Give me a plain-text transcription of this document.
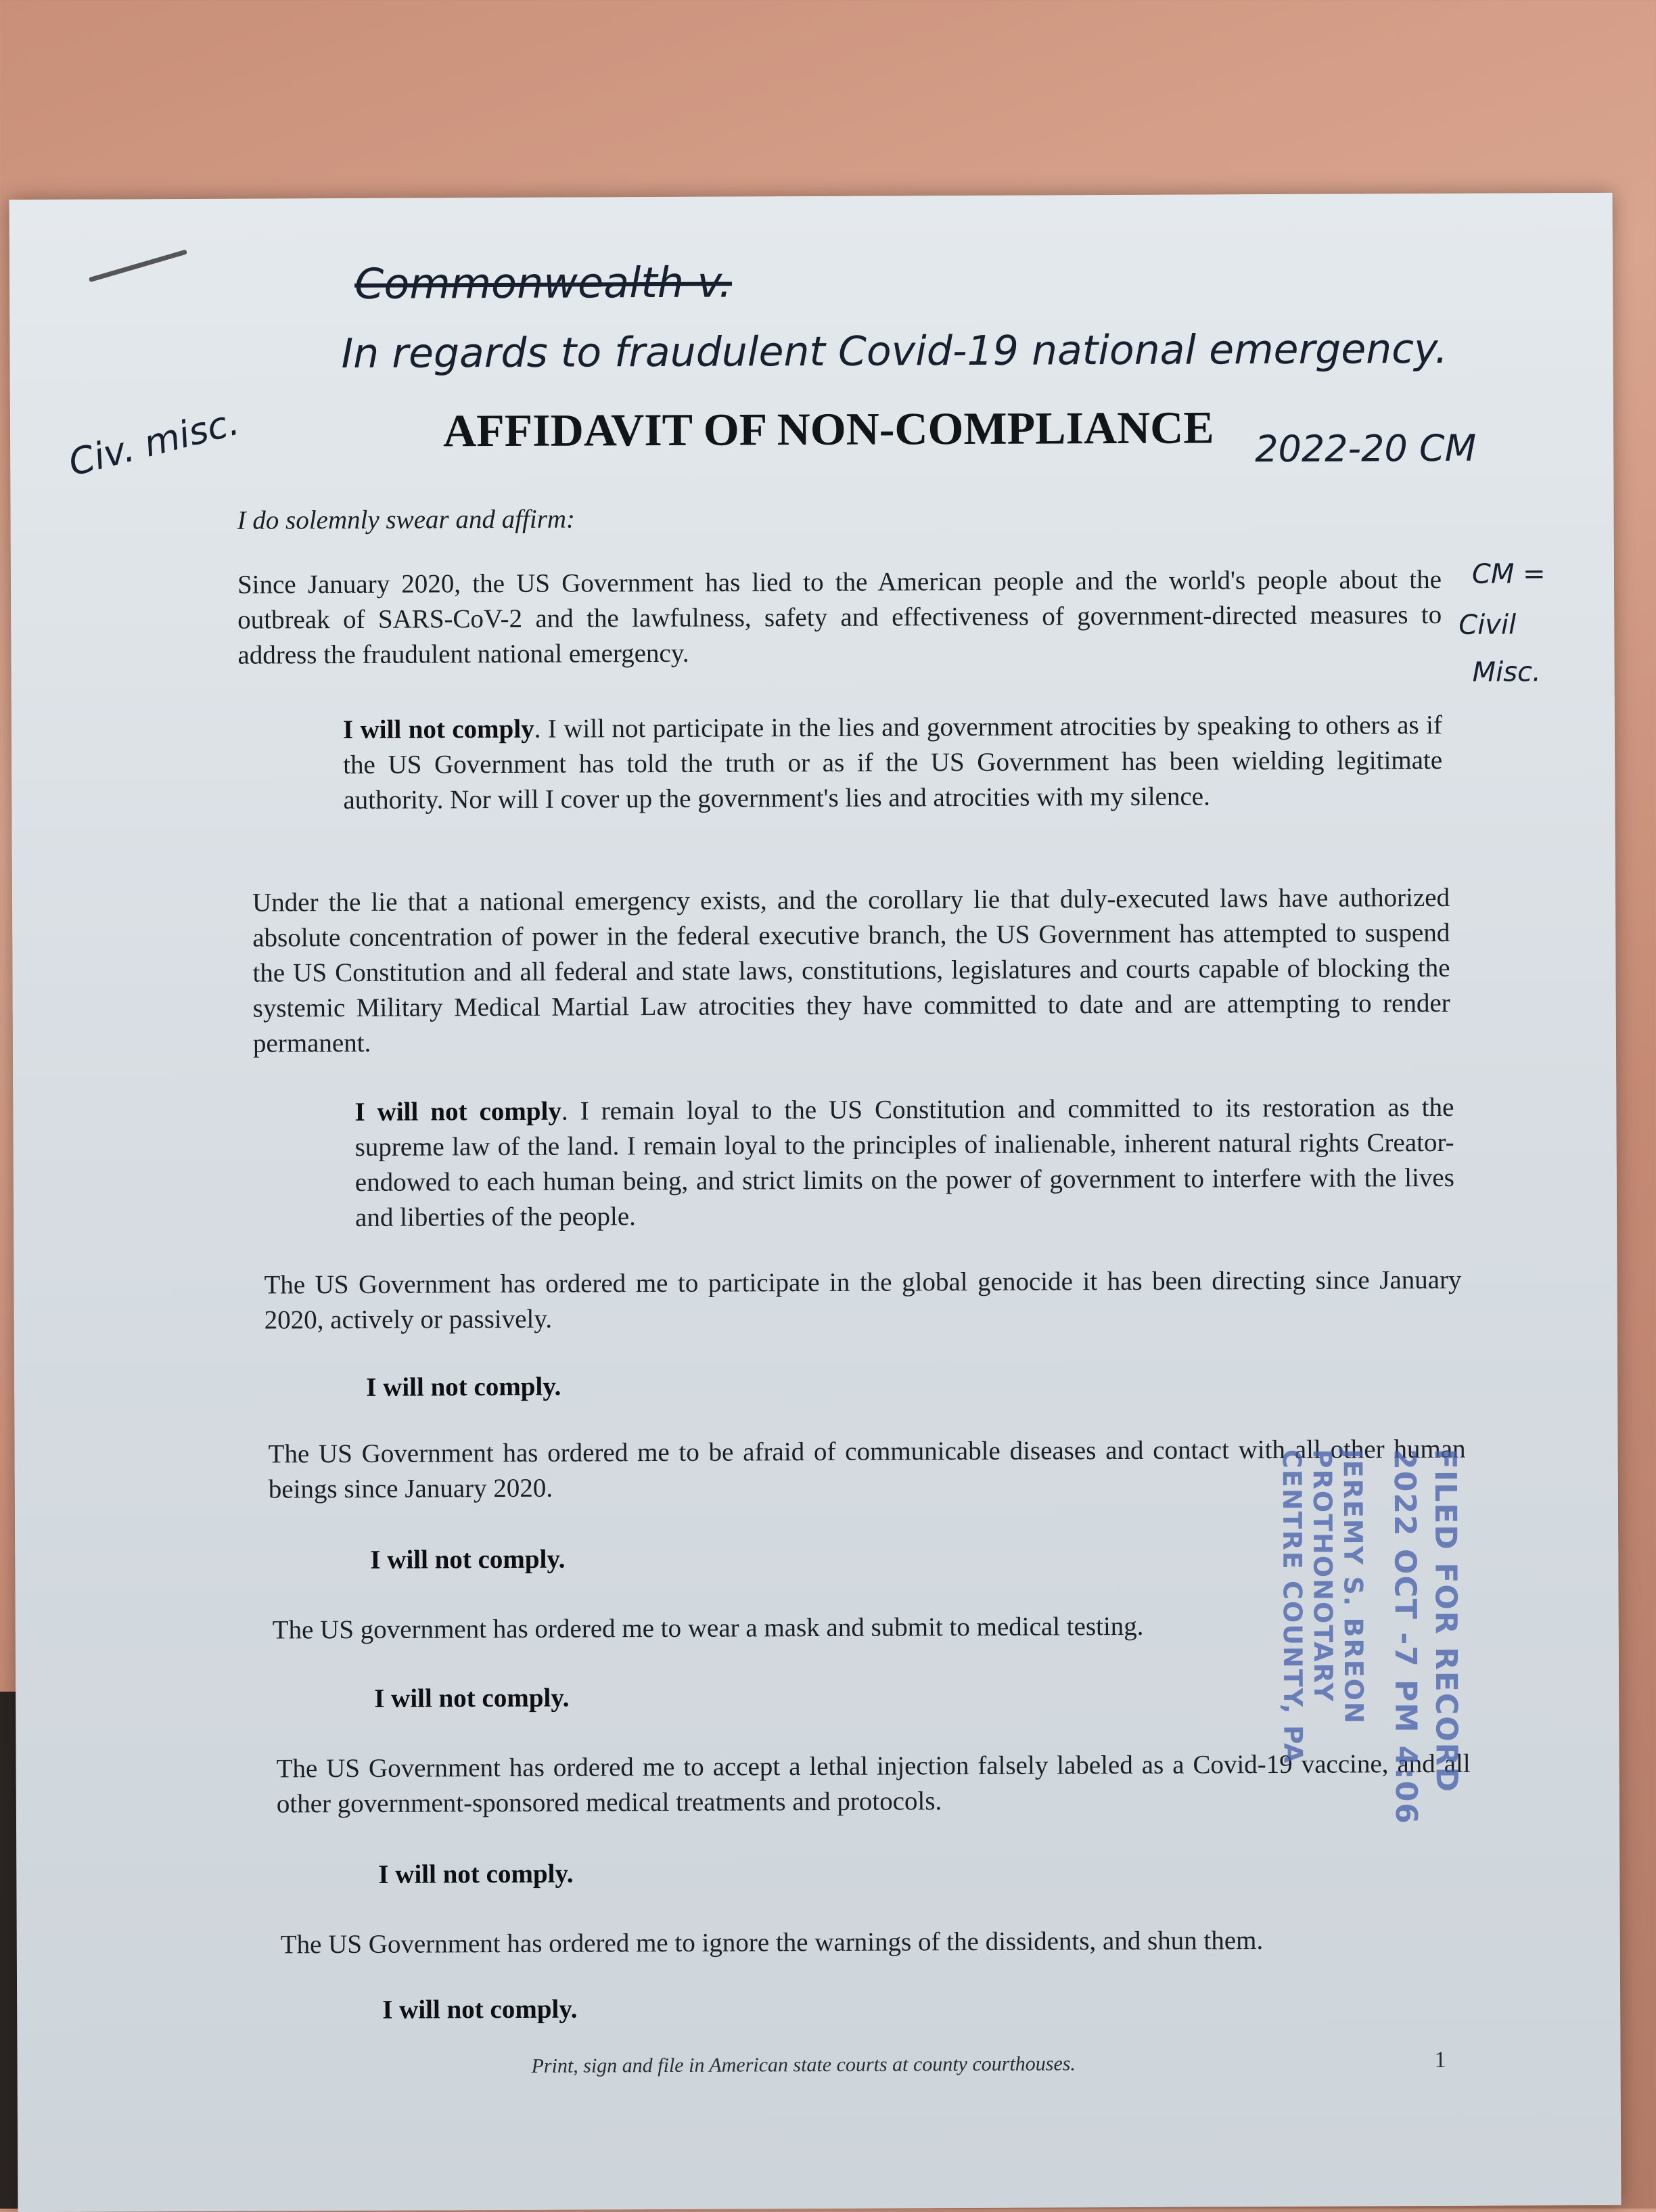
Commonwealth v.
In regards to fraudulent Covid-19 national emergency.
Civ. misc.	2022-20 CM
CM =
Civil
Misc.
AFFIDAVIT OF NON-COMPLIANCE
I do solemnly swear and affirm:
Since January 2020, the US Government has lied to the American people and the world's people about the outbreak of SARS-CoV-2 and the lawfulness, safety and effectiveness of government-directed measures to address the fraudulent national emergency.
I will not comply. I will not participate in the lies and government atrocities by speaking to others as if the US Government has told the truth or as if the US Government has been wielding legitimate authority. Nor will I cover up the government's lies and atrocities with my silence.
Under the lie that a national emergency exists, and the corollary lie that duly-executed laws have authorized absolute concentration of power in the federal executive branch, the US Government has attempted to suspend the US Constitution and all federal and state laws, constitutions, legislatures and courts capable of blocking the systemic Military Medical Martial Law atrocities they have committed to date and are attempting to render permanent.
I will not comply. I remain loyal to the US Constitution and committed to its restoration as the supreme law of the land. I remain loyal to the principles of inalienable, inherent natural rights Creator-endowed to each human being, and strict limits on the power of government to interfere with the lives and liberties of the people.
The US Government has ordered me to participate in the global genocide it has been directing since January 2020, actively or passively.
I will not comply.
The US Government has ordered me to be afraid of communicable diseases and contact with all other human beings since January 2020.
I will not comply.
The US government has ordered me to wear a mask and submit to medical testing.
I will not comply.
The US Government has ordered me to accept a lethal injection falsely labeled as a Covid-19 vaccine, and all other government-sponsored medical treatments and protocols.
I will not comply.
The US Government has ordered me to ignore the warnings of the dissidents, and shun them.
I will not comply.
Print, sign and file in American state courts at county courthouses.	1
FILED FOR RECORD
2022 OCT -7 PM 4:06
JEREMY S. BREON
PROTHONOTARY
CENTRE COUNTY, PA
